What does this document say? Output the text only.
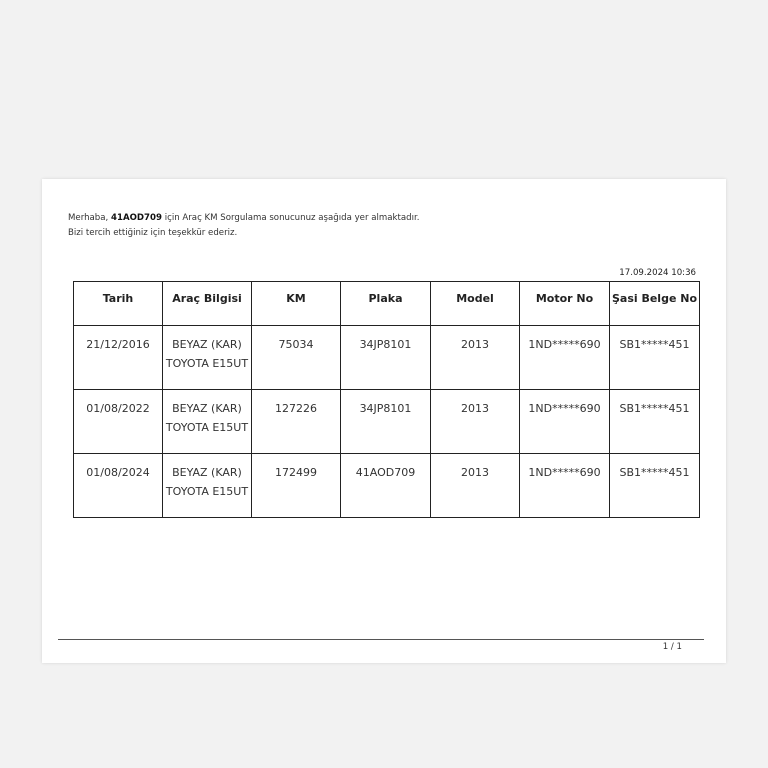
Merhaba, 41AOD709 için Araç KM Sorgulama sonucunuz aşağıda yer almaktadır.
Bizi tercih ettiğiniz için teşekkür ederiz.
17.09.2024 10:36
Tarih	Araç Bilgisi	KM	Plaka	Model	Motor No	Şasi Belge No
21/12/2016	BEYAZ (KAR) TOYOTA E15UT	75034	34JP8101	2013	1ND*****690	SB1*****451
01/08/2022	BEYAZ (KAR) TOYOTA E15UT	127226	34JP8101	2013	1ND*****690	SB1*****451
01/08/2024	BEYAZ (KAR) TOYOTA E15UT	172499	41AOD709	2013	1ND*****690	SB1*****451
1 / 1
